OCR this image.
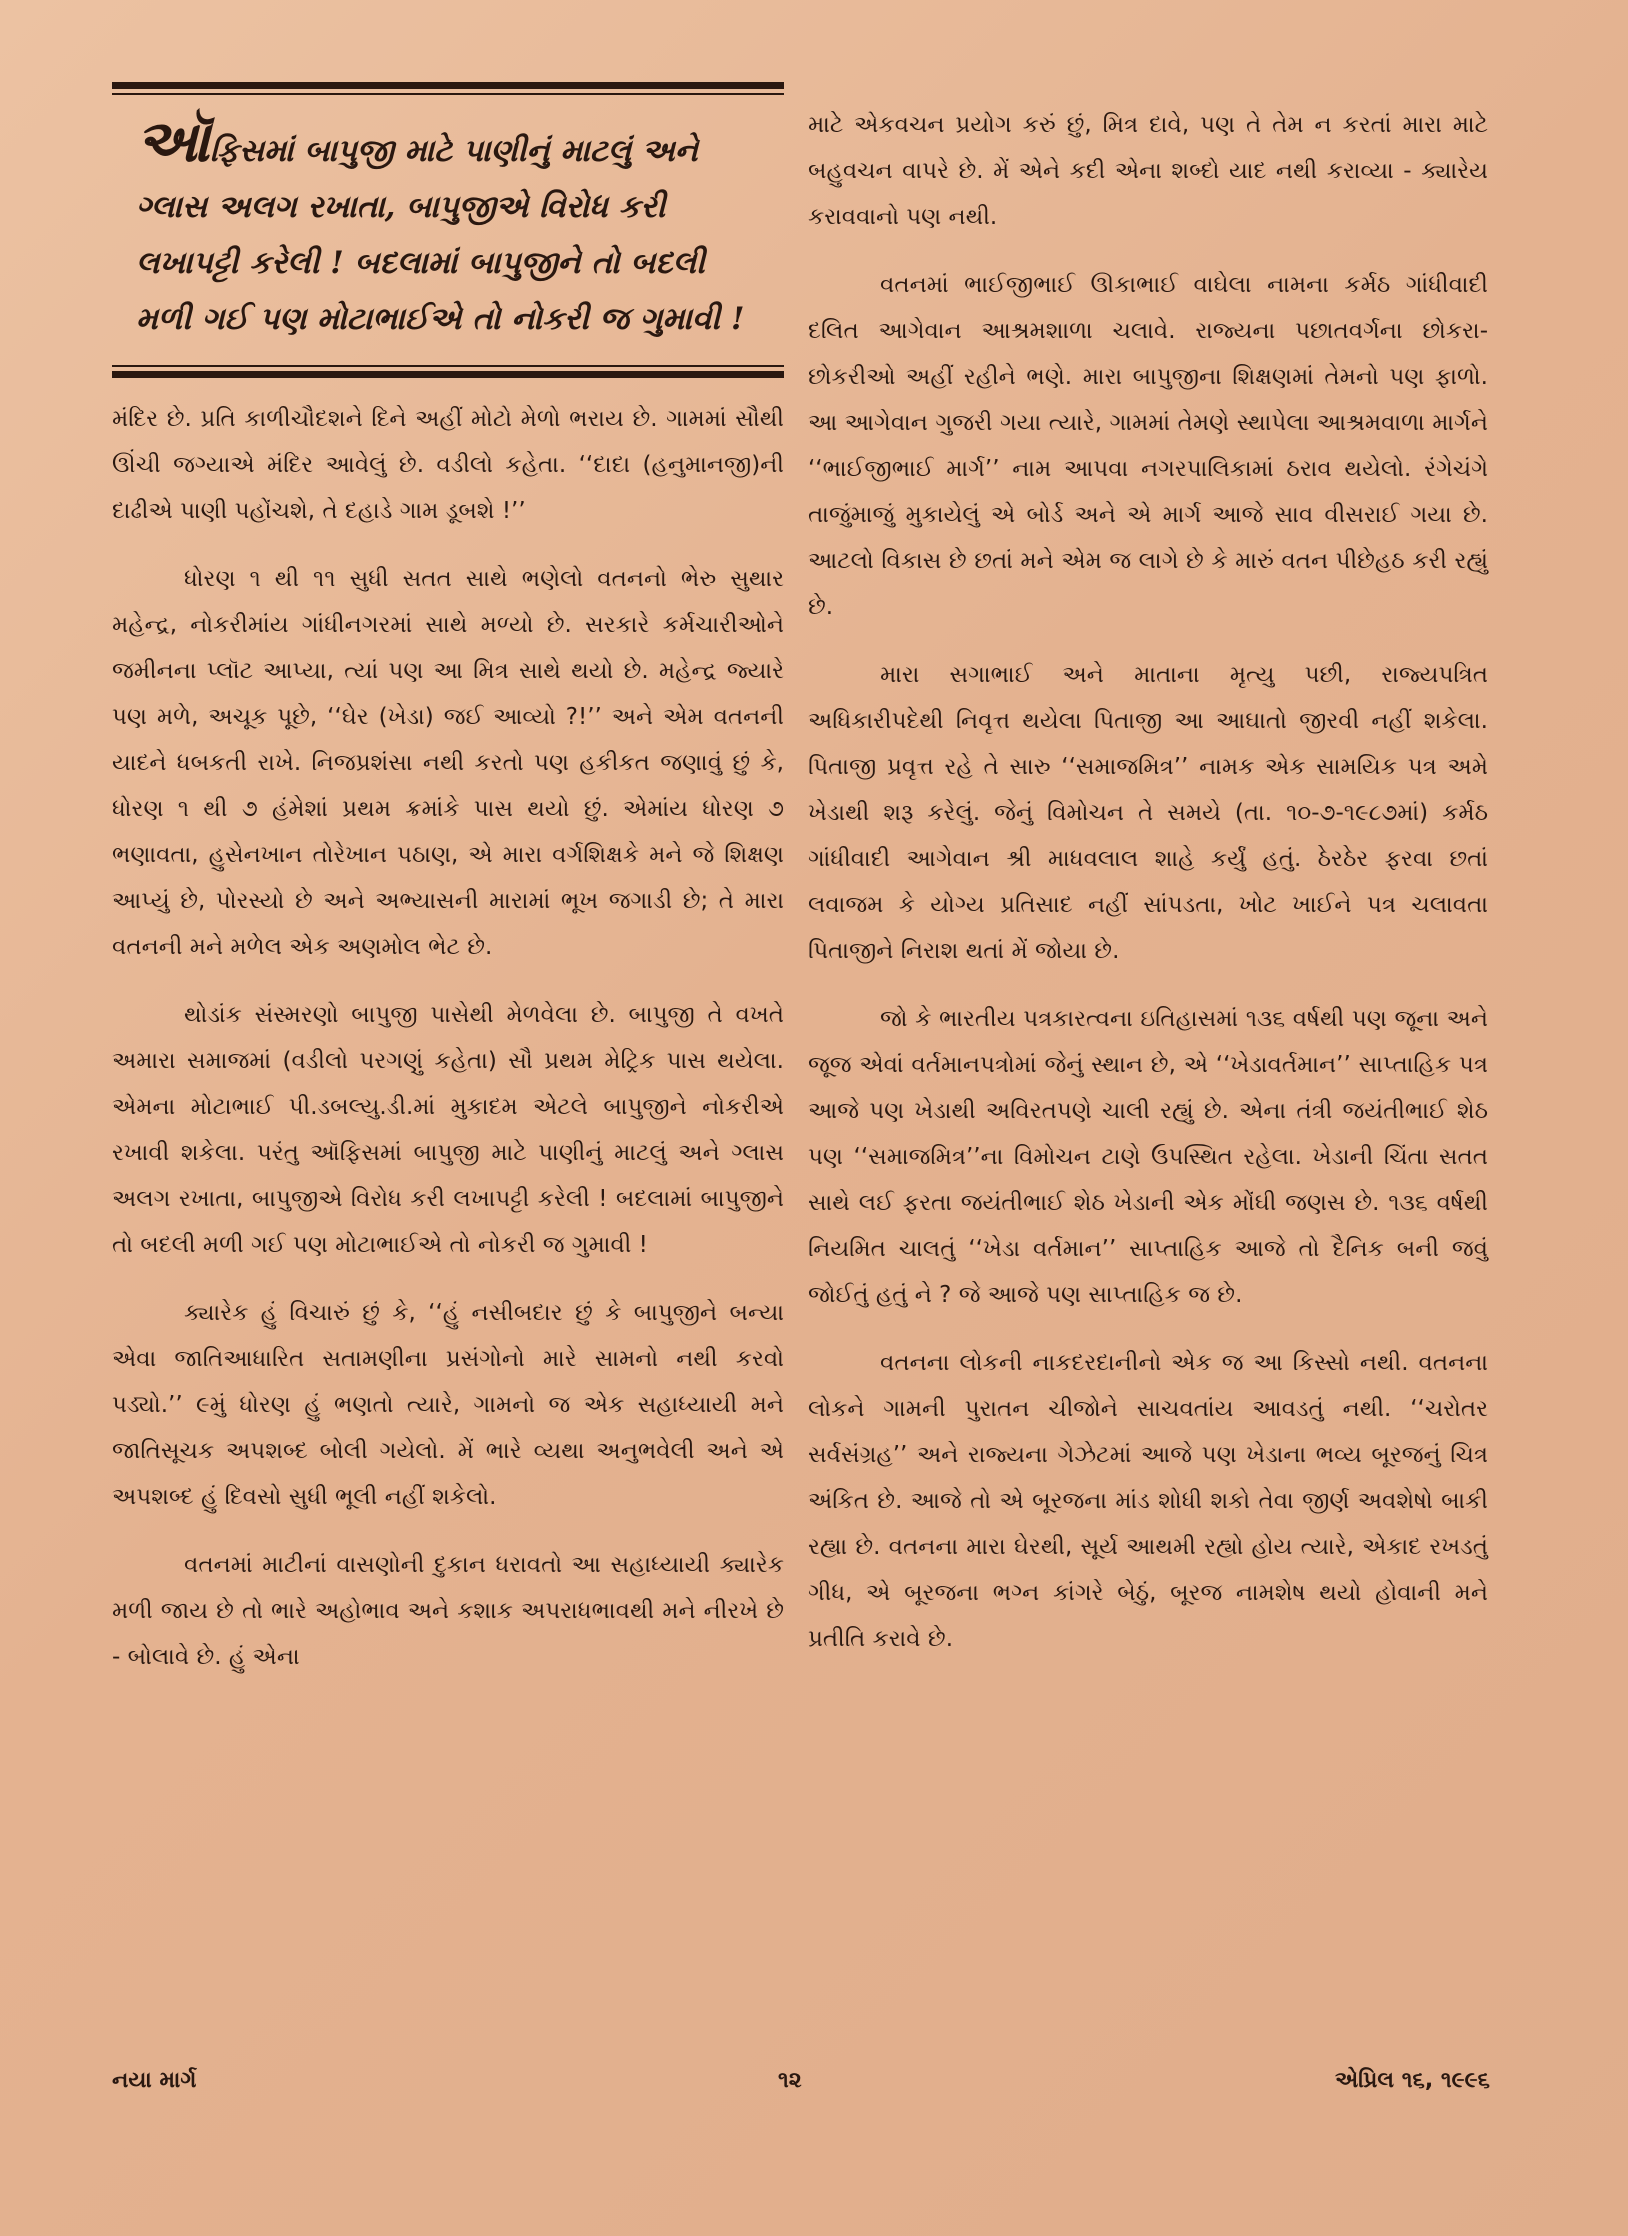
ઑફિસમાં બાપુજી માટે પાણીનું માટલું અને ગ્લાસ અલગ રખાતા, બાપુજીએ વિરોધ કરી લખાપટ્ટી કરેલી ! બદલામાં બાપુજીને તો બદલી મળી ગઈ પણ મોટાભાઈએ તો નોકરી જ ગુમાવી !

મંદિર છે. પ્રતિ કાળીચૌદશને દિને અહીં મોટો મેળો ભરાય છે. ગામમાં સૌથી ઊંચી જગ્યાએ મંદિર આવેલું છે. વડીલો કહેતા. ‘‘દાદા (હનુમાનજી)ની દાઢીએ પાણી પહોંચશે, તે દહાડે ગામ ડૂબશે !’’

ધોરણ ૧ થી ૧૧ સુધી સતત સાથે ભણેલો વતનનો ભેરુ સુથાર મહેન્દ્ર, નોકરીમાંય ગાંધીનગરમાં સાથે મળ્યો છે. સરકારે કર્મચારીઓને જમીનના પ્લૉટ આપ્યા, ત્યાં પણ આ મિત્ર સાથે થયો છે. મહેન્દ્ર જ્યારે પણ મળે, અચૂક પૂછે, ‘‘ઘેર (ખેડા) જઈ આવ્યો ?!’’ અને એમ વતનની યાદને ધબકતી રાખે. નિજપ્રશંસા નથી કરતો પણ હકીકત જણાવું છું કે, ધોરણ ૧ થી ૭ હંમેશાં પ્રથમ ક્રમાંકે પાસ થયો છું. એમાંય ધોરણ ૭ ભણાવતા, હુસેનખાન તોરેખાન પઠાણ, એ મારા વર્ગશિક્ષકે મને જે શિક્ષણ આપ્યું છે, પોરસ્યો છે અને અભ્યાસની મારામાં ભૂખ જગાડી છે; તે મારા વતનની મને મળેલ એક અણમોલ ભેટ છે.

થોડાંક સંસ્મરણો બાપુજી પાસેથી મેળવેલા છે. બાપુજી તે વખતે અમારા સમાજમાં (વડીલો પરગણું કહેતા) સૌ પ્રથમ મેટ્રિક પાસ થયેલા. એમના મોટાભાઈ પી.ડબલ્યુ.ડી.માં મુકાદમ એટલે બાપુજીને નોકરીએ રખાવી શકેલા. પરંતુ ઑફિસમાં બાપુજી માટે પાણીનું માટલું અને ગ્લાસ અલગ રખાતા, બાપુજીએ વિરોધ કરી લખાપટ્ટી કરેલી ! બદલામાં બાપુજીને તો બદલી મળી ગઈ પણ મોટાભાઈએ તો નોકરી જ ગુમાવી !

ક્યારેક હું વિચારું છું કે, ‘‘હું નસીબદાર છું કે બાપુજીને બન્યા એવા જાતિઆધારિત સતામણીના પ્રસંગોનો મારે સામનો નથી કરવો પડ્યો.’’ ૯મું ધોરણ હું ભણતો ત્યારે, ગામનો જ એક સહાધ્યાયી મને જાતિસૂચક અપશબ્દ બોલી ગયેલો. મેં ભારે વ્યથા અનુભવેલી અને એ અપશબ્દ હું દિવસો સુધી ભૂલી નહીં શકેલો.

વતનમાં માટીનાં વાસણોની દુકાન ધરાવતો આ સહાધ્યાયી ક્યારેક મળી જાય છે તો ભારે અહોભાવ અને કશાક અપરાધભાવથી મને નીરખે છે - બોલાવે છે. હું એના

માટે એકવચન પ્રયોગ કરું છું, મિત્ર દાવે, પણ તે તેમ ન કરતાં મારા માટે બહુવચન વાપરે છે. મેં એને કદી એના શબ્દો યાદ નથી કરાવ્યા - ક્યારેય કરાવવાનો પણ નથી.

વતનમાં ભાઈજીભાઈ ઊકાભાઈ વાઘેલા નામના કર્મઠ ગાંધીવાદી દલિત આગેવાન આશ્રમશાળા ચલાવે. રાજ્યના પછાતવર્ગના છોકરા-છોકરીઓ અહીં રહીને ભણે. મારા બાપુજીના શિક્ષણમાં તેમનો પણ ફાળો. આ આગેવાન ગુજરી ગયા ત્યારે, ગામમાં તેમણે સ્થાપેલા આશ્રમવાળા માર્ગને ‘‘ભાઈજીભાઈ માર્ગ’’ નામ આપવા નગરપાલિકામાં ઠરાવ થયેલો. રંગેચંગે તાજુંમાજું મુકાયેલું એ બોર્ડ અને એ માર્ગ આજે સાવ વીસરાઈ ગયા છે. આટલો વિકાસ છે છતાં મને એમ જ લાગે છે કે મારું વતન પીછેહઠ કરી રહ્યું છે.

મારા સગાભાઈ અને માતાના મૃત્યુ પછી, રાજ્યપત્રિત અધિકારીપદેથી નિવૃત્ત થયેલા પિતાજી આ આઘાતો જીરવી નહીં શકેલા. પિતાજી પ્રવૃત્ત રહે તે સારુ ‘‘સમાજમિત્ર’’ નામક એક સામયિક પત્ર અમે ખેડાથી શરૂ કરેલું. જેનું વિમોચન તે સમયે (તા. ૧૦-૭-૧૯૮૭માં) કર્મઠ ગાંધીવાદી આગેવાન શ્રી માધવલાલ શાહે કર્યું હતું. ઠેરઠેર ફરવા છતાં લવાજમ કે યોગ્ય પ્રતિસાદ નહીં સાંપડતા, ખોટ ખાઈને પત્ર ચલાવતા પિતાજીને નિરાશ થતાં મેં જોયા છે.

જો કે ભારતીય પત્રકારત્વના ઇતિહાસમાં ૧૩૬ વર્ષથી પણ જૂના અને જૂજ એવાં વર્તમાનપત્રોમાં જેનું સ્થાન છે, એ ‘‘ખેડાવર્તમાન’’ સાપ્તાહિક પત્ર આજે પણ ખેડાથી અવિરતપણે ચાલી રહ્યું છે. એના તંત્રી જયંતીભાઈ શેઠ પણ ‘‘સમાજમિત્ર’’ના વિમોચન ટાણે ઉપસ્થિત રહેલા. ખેડાની ચિંતા સતત સાથે લઈ ફરતા જયંતીભાઈ શેઠ ખેડાની એક મોંઘી જણસ છે. ૧૩૬ વર્ષથી નિયમિત ચાલતું ‘‘ખેડા વર્તમાન’’ સાપ્તાહિક આજે તો દૈનિક બની જવું જોઈતું હતું ને ? જે આજે પણ સાપ્તાહિક જ છે.

વતનના લોકની નાકદરદાનીનો એક જ આ કિસ્સો નથી. વતનના લોકને ગામની પુરાતન ચીજોને સાચવતાંય આવડતું નથી. ‘‘ચરોતર સર્વસંગ્રહ’’ અને રાજ્યના ગેઝેટમાં આજે પણ ખેડાના ભવ્ય બૂરજનું ચિત્ર અંકિત છે. આજે તો એ બૂરજના માંડ શોધી શકો તેવા જીર્ણ અવશેષો બાકી રહ્યા છે. વતનના મારા ઘેરથી, સૂર્ય આથમી રહ્યો હોય ત્યારે, એકાદ રખડતું ગીધ, એ બૂરજના ભગ્ન કાંગરે બેઠું, બૂરજ નામશેષ થયો હોવાની મને પ્રતીતિ કરાવે છે.

નયા માર્ગ	૧૨	એપ્રિલ ૧૬, ૧૯૯૬
